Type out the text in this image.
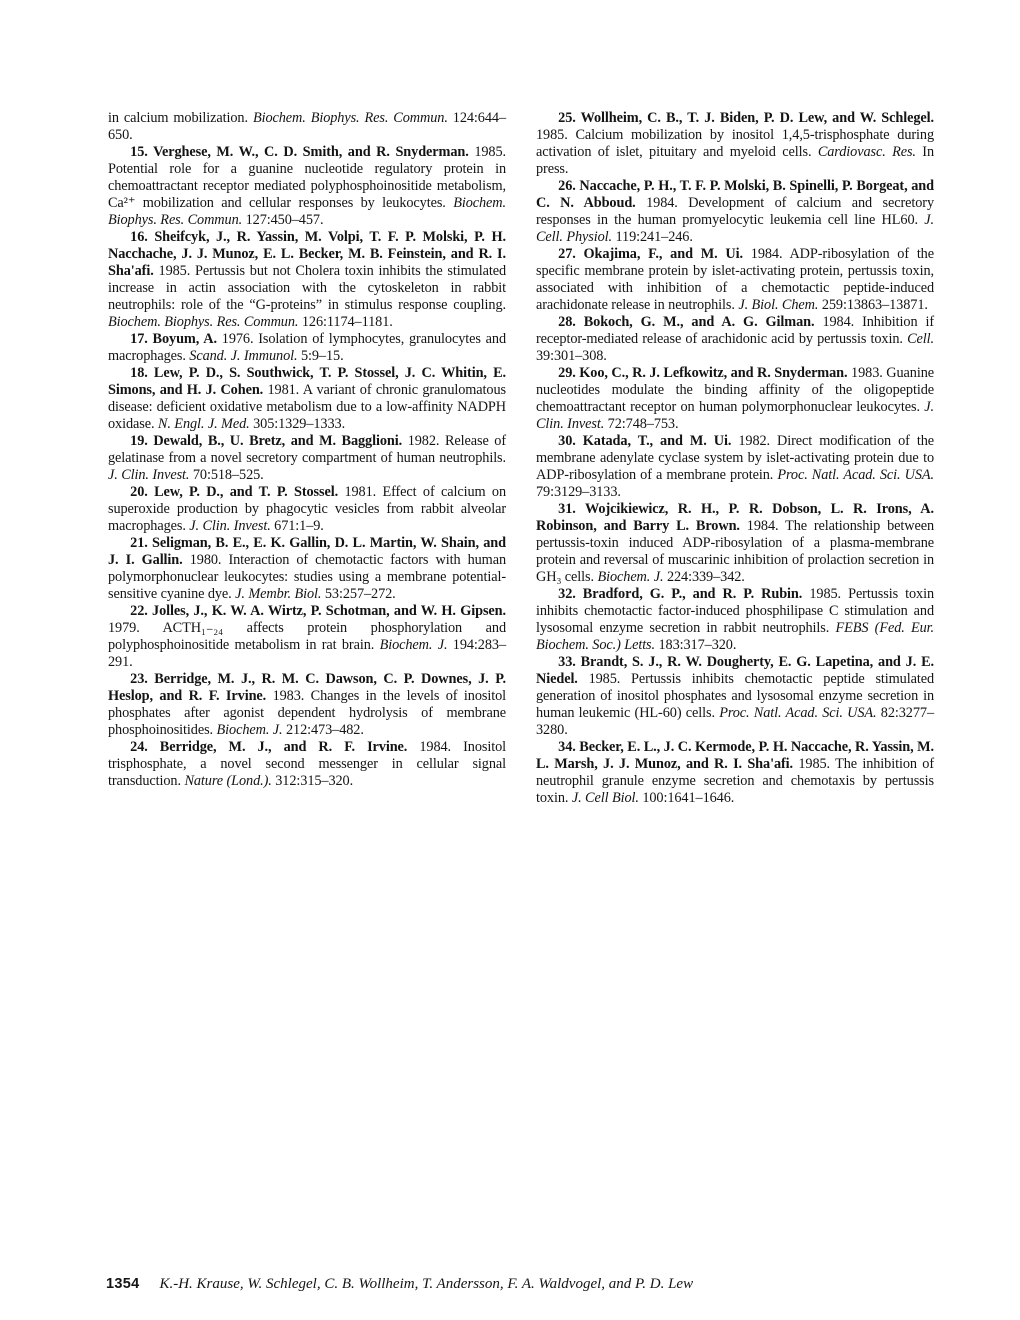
in calcium mobilization. Biochem. Biophys. Res. Commun. 124:644–650.

15. Verghese, M. W., C. D. Smith, and R. Snyderman. 1985. Potential role for a guanine nucleotide regulatory protein in chemoattractant receptor mediated polyphosphoinositide metabolism, Ca²⁺ mobilization and cellular responses by leukocytes. Biochem. Biophys. Res. Commun. 127:450–457.

16. Sheifcyk, J., R. Yassin, M. Volpi, T. F. P. Molski, P. H. Nacchache, J. J. Munoz, E. L. Becker, M. B. Feinstein, and R. I. Sha'afi. 1985. Pertussis but not Cholera toxin inhibits the stimulated increase in actin association with the cytoskeleton in rabbit neutrophils: role of the “G-proteins” in stimulus response coupling. Biochem. Biophys. Res. Commun. 126:1174–1181.

17. Boyum, A. 1976. Isolation of lymphocytes, granulocytes and macrophages. Scand. J. Immunol. 5:9–15.

18. Lew, P. D., S. Southwick, T. P. Stossel, J. C. Whitin, E. Simons, and H. J. Cohen. 1981. A variant of chronic granulomatous disease: deficient oxidative metabolism due to a low-affinity NADPH oxidase. N. Engl. J. Med. 305:1329–1333.

19. Dewald, B., U. Bretz, and M. Bagglioni. 1982. Release of gelatinase from a novel secretory compartment of human neutrophils. J. Clin. Invest. 70:518–525.

20. Lew, P. D., and T. P. Stossel. 1981. Effect of calcium on superoxide production by phagocytic vesicles from rabbit alveolar macrophages. J. Clin. Invest. 671:1–9.

21. Seligman, B. E., E. K. Gallin, D. L. Martin, W. Shain, and J. I. Gallin. 1980. Interaction of chemotactic factors with human polymorphonuclear leukocytes: studies using a membrane potential-sensitive cyanine dye. J. Membr. Biol. 53:257–272.

22. Jolles, J., K. W. A. Wirtz, P. Schotman, and W. H. Gipsen. 1979. ACTH₁₋₂₄ affects protein phosphorylation and polyphosphoinositide metabolism in rat brain. Biochem. J. 194:283–291.

23. Berridge, M. J., R. M. C. Dawson, C. P. Downes, J. P. Heslop, and R. F. Irvine. 1983. Changes in the levels of inositol phosphates after agonist dependent hydrolysis of membrane phosphoinositides. Biochem. J. 212:473–482.

24. Berridge, M. J., and R. F. Irvine. 1984. Inositol trisphosphate, a novel second messenger in cellular signal transduction. Nature (Lond.). 312:315–320.

25. Wollheim, C. B., T. J. Biden, P. D. Lew, and W. Schlegel. 1985. Calcium mobilization by inositol 1,4,5-trisphosphate during activation of islet, pituitary and myeloid cells. Cardiovasc. Res. In press.

26. Naccache, P. H., T. F. P. Molski, B. Spinelli, P. Borgeat, and C. N. Abboud. 1984. Development of calcium and secretory responses in the human promyelocytic leukemia cell line HL60. J. Cell. Physiol. 119:241–246.

27. Okajima, F., and M. Ui. 1984. ADP-ribosylation of the specific membrane protein by islet-activating protein, pertussis toxin, associated with inhibition of a chemotactic peptide-induced arachidonate release in neutrophils. J. Biol. Chem. 259:13863–13871.

28. Bokoch, G. M., and A. G. Gilman. 1984. Inhibition if receptor-mediated release of arachidonic acid by pertussis toxin. Cell. 39:301–308.

29. Koo, C., R. J. Lefkowitz, and R. Snyderman. 1983. Guanine nucleotides modulate the binding affinity of the oligopeptide chemoattractant receptor on human polymorphonuclear leukocytes. J. Clin. Invest. 72:748–753.

30. Katada, T., and M. Ui. 1982. Direct modification of the membrane adenylate cyclase system by islet-activating protein due to ADP-ribosylation of a membrane protein. Proc. Natl. Acad. Sci. USA. 79:3129–3133.

31. Wojcikiewicz, R. H., P. R. Dobson, L. R. Irons, A. Robinson, and Barry L. Brown. 1984. The relationship between pertussis-toxin induced ADP-ribosylation of a plasma-membrane protein and reversal of muscarinic inhibition of prolaction secretion in GH₃ cells. Biochem. J. 224:339–342.

32. Bradford, G. P., and R. P. Rubin. 1985. Pertussis toxin inhibits chemotactic factor-induced phosphilipase C stimulation and lysosomal enzyme secretion in rabbit neutrophils. FEBS (Fed. Eur. Biochem. Soc.) Letts. 183:317–320.

33. Brandt, S. J., R. W. Dougherty, E. G. Lapetina, and J. E. Niedel. 1985. Pertussis inhibits chemotactic peptide stimulated generation of inositol phosphates and lysosomal enzyme secretion in human leukemic (HL-60) cells. Proc. Natl. Acad. Sci. USA. 82:3277–3280.

34. Becker, E. L., J. C. Kermode, P. H. Naccache, R. Yassin, M. L. Marsh, J. J. Munoz, and R. I. Sha'afi. 1985. The inhibition of neutrophil granule enzyme secretion and chemotaxis by pertussis toxin. J. Cell Biol. 100:1641–1646.

1354 K.-H. Krause, W. Schlegel, C. B. Wollheim, T. Andersson, F. A. Waldvogel, and P. D. Lew
